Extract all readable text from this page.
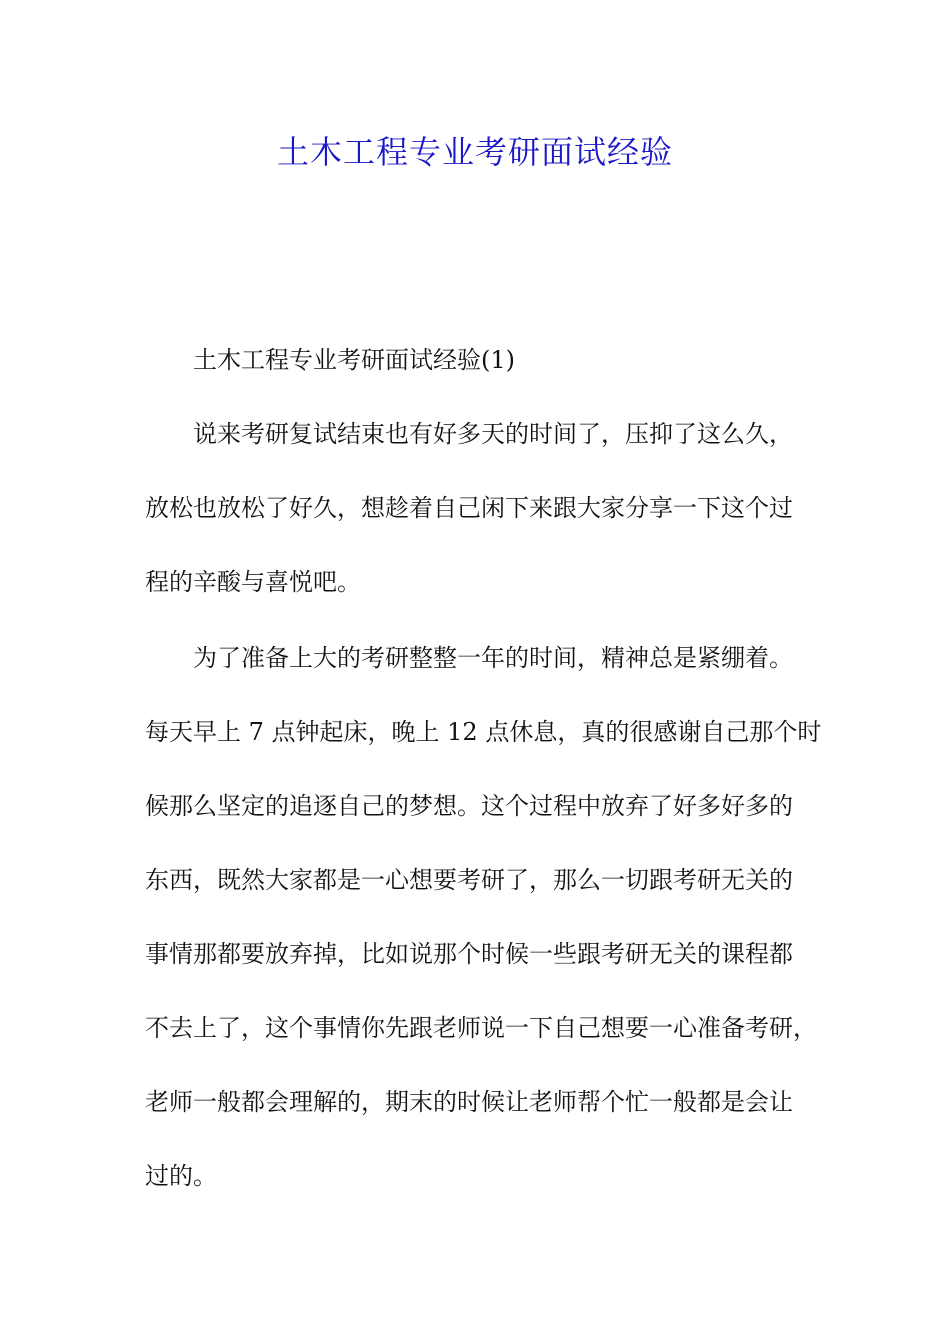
土木工程专业考研面试经验

土木工程专业考研面试经验(1)

说来考研复试结束也有好多天的时间了，压抑了这么久，

放松也放松了好久，想趁着自己闲下来跟大家分享一下这个过

程的辛酸与喜悦吧。

为了准备上大的考研整整一年的时间，精神总是紧绷着。

每天早上 7 点钟起床，晚上 12 点休息，真的很感谢自己那个时

候那么坚定的追逐自己的梦想。这个过程中放弃了好多好多的

东西，既然大家都是一心想要考研了，那么一切跟考研无关的

事情那都要放弃掉，比如说那个时候一些跟考研无关的课程都

不去上了，这个事情你先跟老师说一下自己想要一心准备考研，

老师一般都会理解的，期末的时候让老师帮个忙一般都是会让

过的。
